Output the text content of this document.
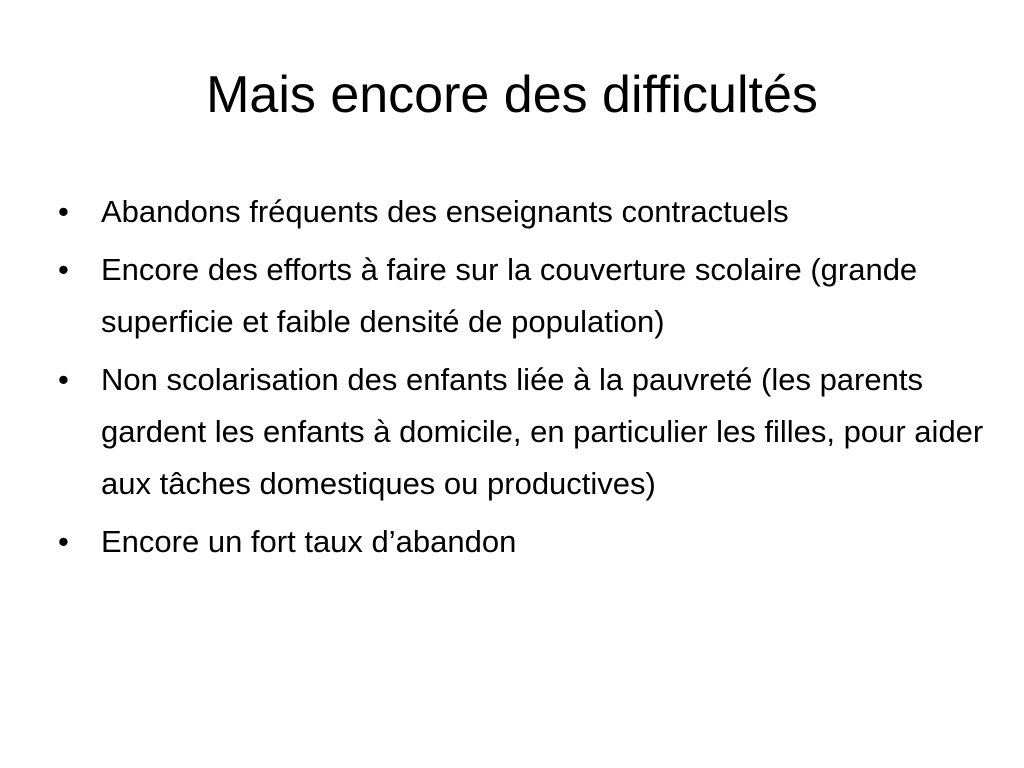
Mais encore des difficultés
• Abandons fréquents des enseignants contractuels
• Encore des efforts à faire sur la couverture scolaire (grande superficie et faible densité de population)
• Non scolarisation des enfants liée à la pauvreté (les parents gardent les enfants à domicile, en particulier les filles, pour aider aux tâches domestiques ou productives)
• Encore un fort taux d’abandon
